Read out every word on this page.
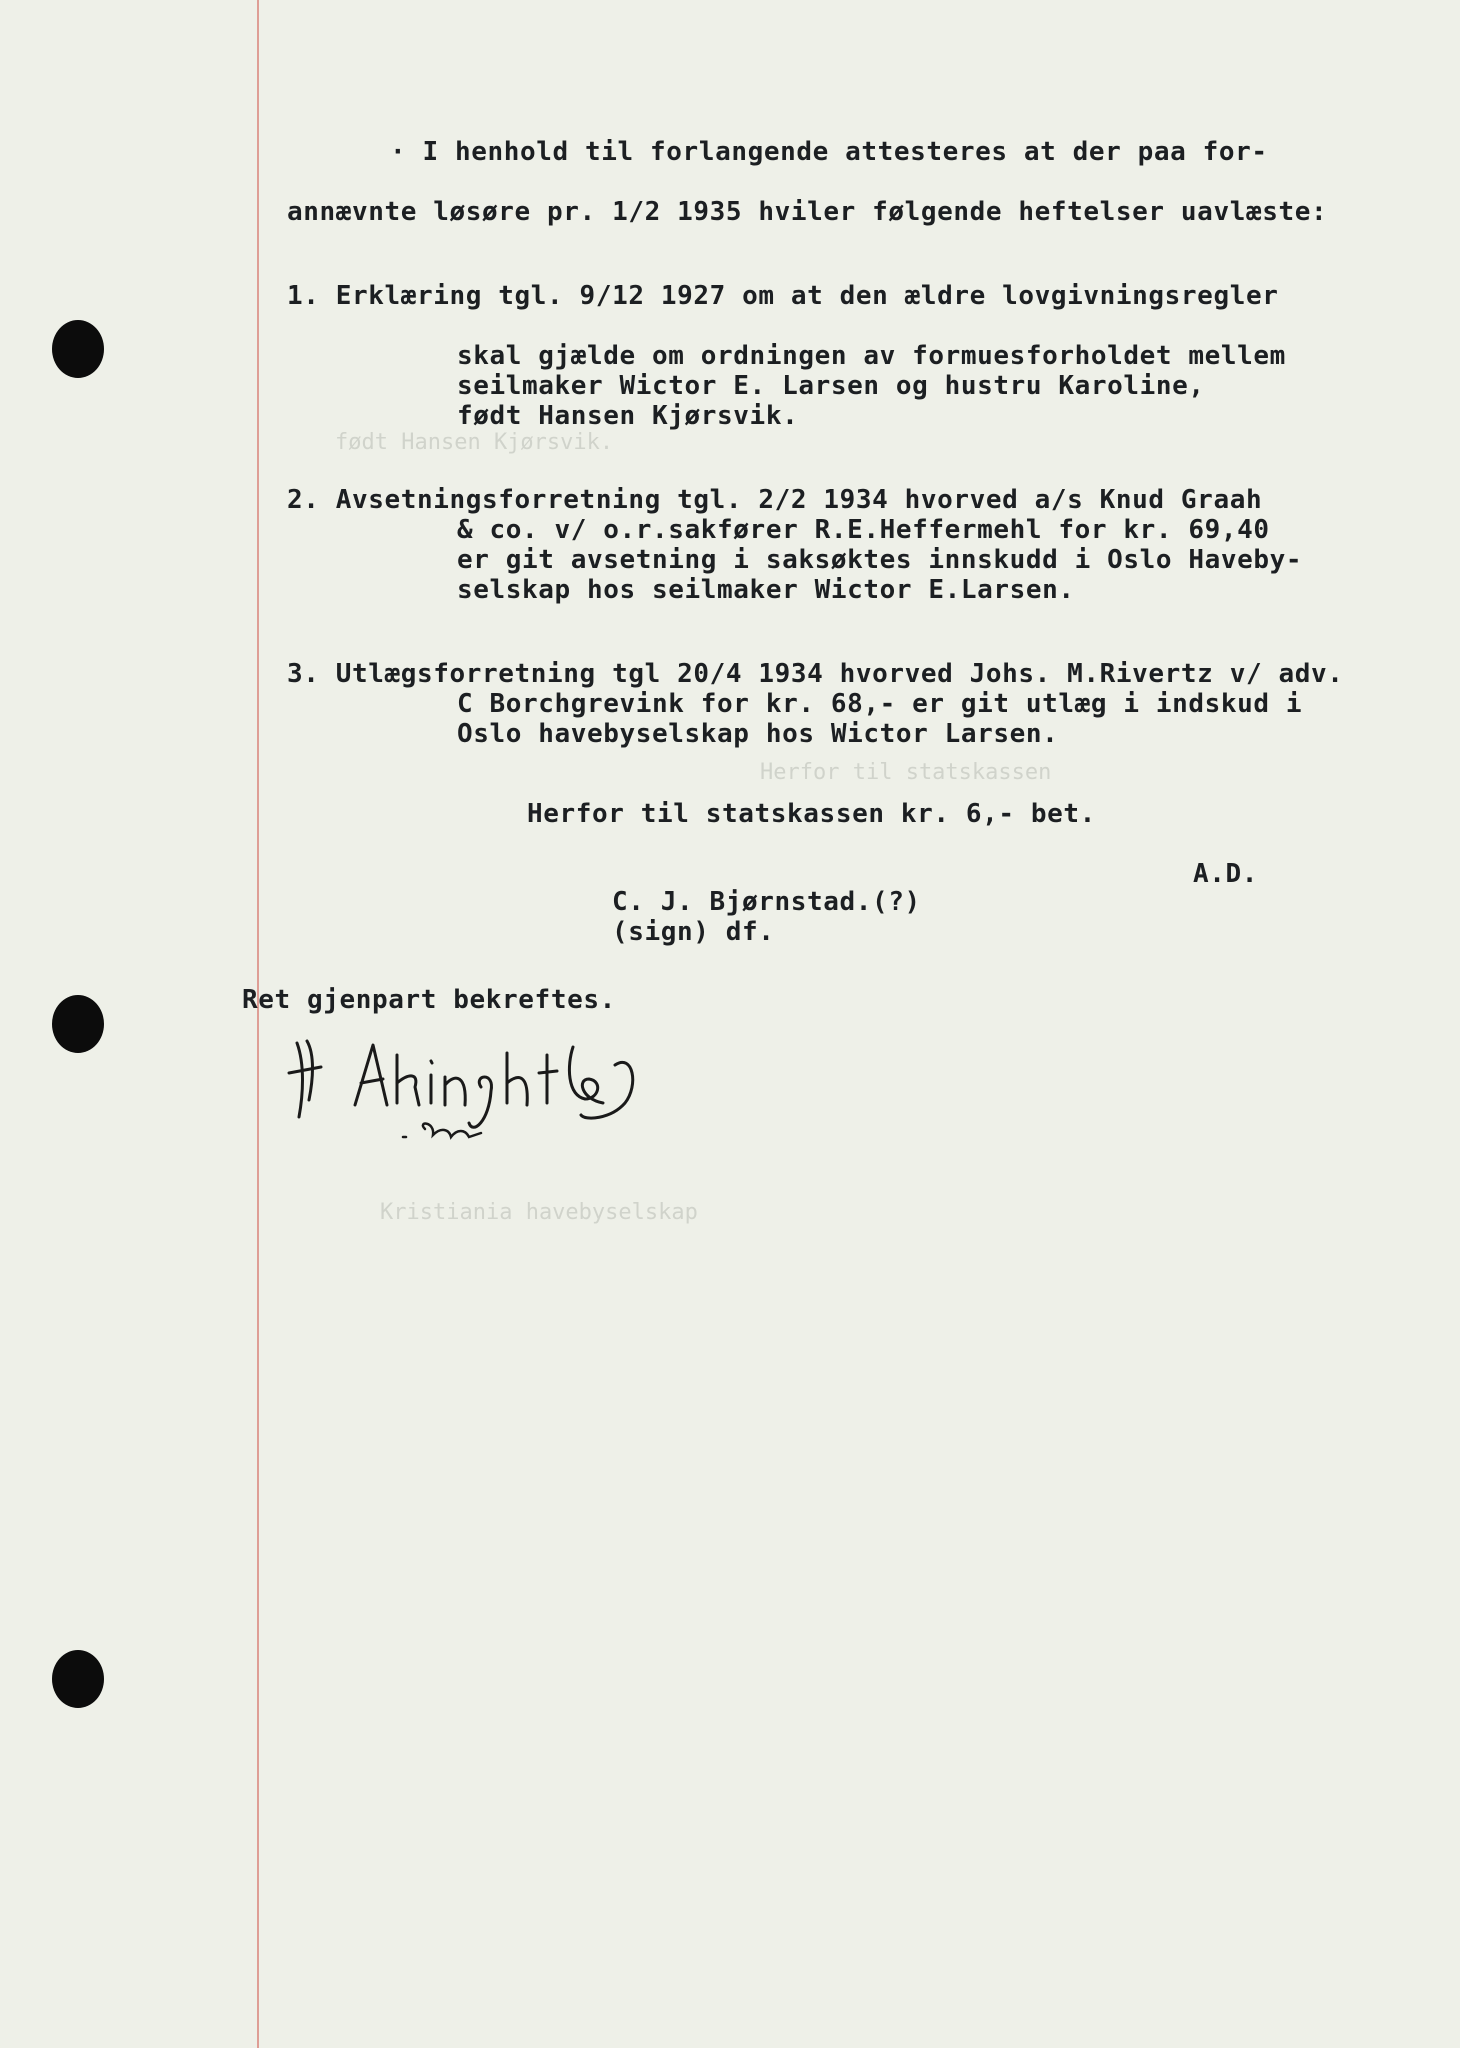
født Hansen Kjørsvik.
Herfor til statskassen
Kristiania havebyselskap
· I henhold til forlangende attesteres at der paa for-
annævnte løsøre pr. 1/2 1935 hviler følgende heftelser uavlæste:
1. Erklæring tgl. 9/12 1927 om at den ældre lovgivningsregler
skal gjælde om ordningen av formuesforholdet mellem
seilmaker Wictor E. Larsen og hustru Karoline,
født Hansen Kjørsvik.
2. Avsetningsforretning tgl. 2/2 1934 hvorved a/s Knud Graah
& co. v/ o.r.sakfører R.E.Heffermehl for kr. 69,40
er git avsetning i saksøktes innskudd i Oslo Haveby-
selskap hos seilmaker Wictor E.Larsen.
3. Utlægsforretning tgl 20/4 1934 hvorved Johs. M.Rivertz v/ adv.
C Borchgrevink for kr. 68,- er git utlæg i indskud i
Oslo havebyselskap hos Wictor Larsen.
Herfor til statskassen kr. 6,- bet.
A.D.
C. J. Bjørnstad.(?)
(sign) df.
Ret gjenpart bekreftes.
